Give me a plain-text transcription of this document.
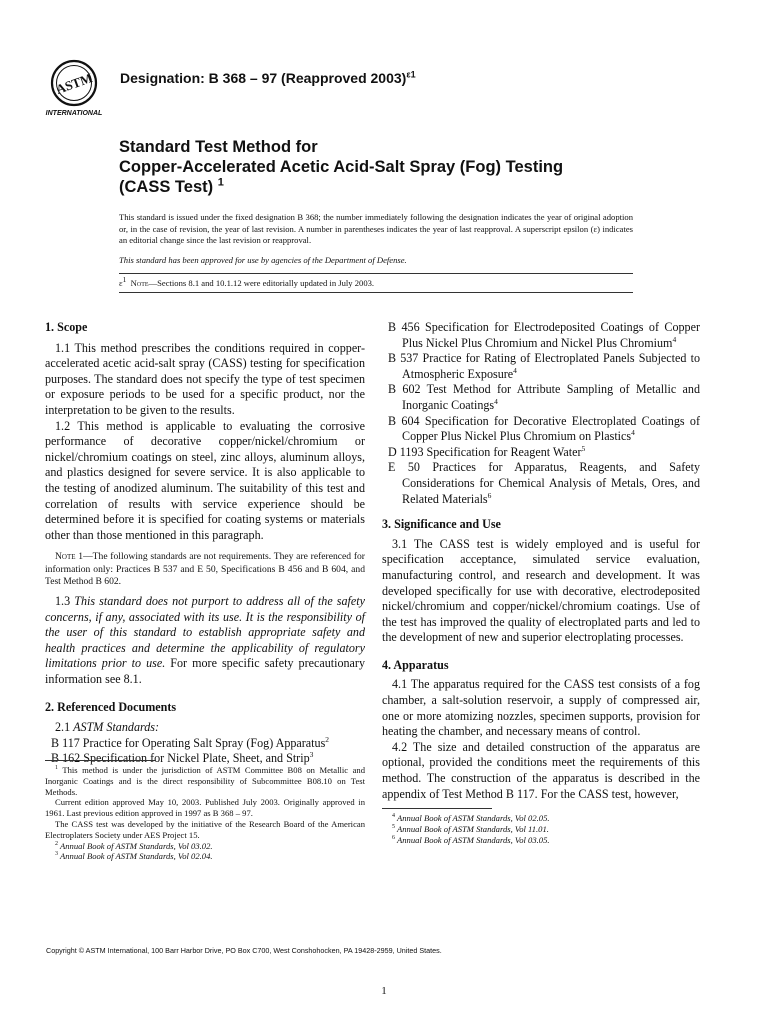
ASTM
INTERNATIONAL
Designation: B 368 – 97 (Reapproved 2003)$^{\varepsilon 1}$
Standard Test Method for
Copper-Accelerated Acetic Acid-Salt Spray (Fog) Testing
(CASS Test) $^1$
This standard is issued under the fixed designation B 368; the number immediately following the designation indicates the year of original adoption or, in the case of revision, the year of last revision. A number in parentheses indicates the year of last reapproval. A superscript epsilon (ε) indicates an editorial change since the last revision or reapproval.
This standard has been approved for use by agencies of the Department of Defense.
$\varepsilon^1$ Note—Sections 8.1 and 10.1.12 were editorially updated in July 2003.
1. Scope
1.1 This method prescribes the conditions required in copper-accelerated acetic acid-salt spray (CASS) testing for specification purposes. The standard does not specify the type of test specimen or exposure periods to be used for a specific product, nor the interpretation to be given to the results.
1.2 This method is applicable to evaluating the corrosive performance of decorative copper/nickel/chromium or nickel/chromium coatings on steel, zinc alloys, aluminum alloys, and plastics designed for severe service. It is also applicable to the testing of anodized aluminum. The suitability of this test and correlation of results with service experience should be determined before it is specified for coating systems or materials other than those mentioned in this paragraph.
Note 1—The following standards are not requirements. They are referenced for information only: Practices B 537 and E 50, Specifications B 456 and B 604, and Test Method B 602.
1.3 This standard does not purport to address all of the safety concerns, if any, associated with its use. It is the responsibility of the user of this standard to establish appropriate safety and health practices and determine the applicability of regulatory limitations prior to use. For more specific safety precautionary information see 8.1.
2. Referenced Documents
2.1 ASTM Standards:
B 117 Practice for Operating Salt Spray (Fog) Apparatus$^2$
B 162 Specification for Nickel Plate, Sheet, and Strip$^3$
$^1$ This method is under the jurisdiction of ASTM Committee B08 on Metallic and Inorganic Coatings and is the direct responsibility of Subcommittee B08.10 on Test Methods.
Current edition approved May 10, 2003. Published July 2003. Originally approved in 1961. Last previous edition approved in 1997 as B 368 – 97.
The CASS test was developed by the initiative of the Research Board of the American Electroplaters Society under AES Project 15.
$^2$ Annual Book of ASTM Standards, Vol 03.02.
$^3$ Annual Book of ASTM Standards, Vol 02.04.
B 456 Specification for Electrodeposited Coatings of Copper Plus Nickel Plus Chromium and Nickel Plus Chromium$^4$
B 537 Practice for Rating of Electroplated Panels Subjected to Atmospheric Exposure$^4$
B 602 Test Method for Attribute Sampling of Metallic and Inorganic Coatings$^4$
B 604 Specification for Decorative Electroplated Coatings of Copper Plus Nickel Plus Chromium on Plastics$^4$
D 1193 Specification for Reagent Water$^5$
E 50 Practices for Apparatus, Reagents, and Safety Considerations for Chemical Analysis of Metals, Ores, and Related Materials$^6$
3. Significance and Use
3.1 The CASS test is widely employed and is useful for specification acceptance, simulated service evaluation, manufacturing control, and research and development. It was developed specifically for use with decorative, electrodeposited nickel/chromium and copper/nickel/chromium coatings. Use of the test has improved the quality of electroplated parts and led to the development of new and superior electroplating processes.
4. Apparatus
4.1 The apparatus required for the CASS test consists of a fog chamber, a salt-solution reservoir, a supply of compressed air, one or more atomizing nozzles, specimen supports, provision for heating the chamber, and necessary means of control.
4.2 The size and detailed construction of the apparatus are optional, provided the conditions meet the requirements of this method. The construction of the apparatus is described in the appendix of Test Method B 117. For the CASS test, however,
$^4$ Annual Book of ASTM Standards, Vol 02.05.
$^5$ Annual Book of ASTM Standards, Vol 11.01.
$^6$ Annual Book of ASTM Standards, Vol 03.05.
Copyright © ASTM International, 100 Barr Harbor Drive, PO Box C700, West Conshohocken, PA 19428-2959, United States.
1
